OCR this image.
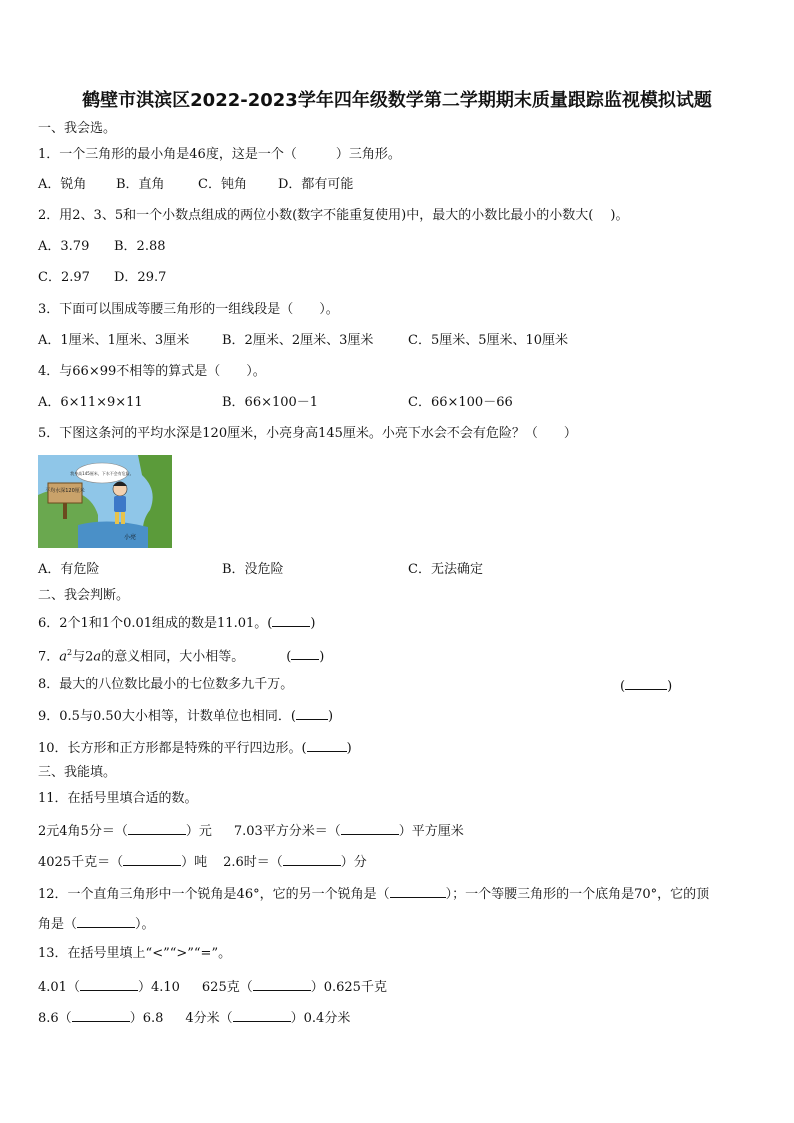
鹤壁市淇滨区2022-2023学年四年级数学第二学期期末质量跟踪监视模拟试题
一、我会选。
1．一个三角形的最小角是46度，这是一个（　　　）三角形。
A．锐角 B．直角	C．钝角 D．都有可能
2．用2、3、5和一个小数点组成的两位小数(数字不能重复使用)中，最大的小数比最小的小数大(　 )。
A．3.79 B．2.88
C．2.97 D．29.7
3．下面可以围成等腰三角形的一组线段是（　　）。
A．1厘米、1厘米、3厘米	B．2厘米、2厘米、3厘米	C．5厘米、5厘米、10厘米
4．与66×99不相等的算式是（　　）。
A．6×11×9×11	B．66×100－1	C．66×100－66
5．下图这条河的平均水深是120厘米，小亮身高145厘米。小亮下水会不会有危险？（　　）
平均水深120厘米
我身高145厘米，下水不会有危险。
小亮
A．有危险	B．没危险	C．无法确定
二、我会判断。
6．2个1和1个0.01组成的数是11.01。(	)
7．$a^2$与2a的意义相同，大小相等。	( )
8．最大的八位数比最小的七位数多九千万。	(	)
9．0.5与0.50大小相等，计数单位也相同．( )
10．长方形和正方形都是特殊的平行四边形。(	)
三、我能填。
11．在括号里填合适的数。
2元4角5分＝（	）元 7.03平方分米＝（	）平方厘米
4025千克＝（	）吨 2.6时＝（	）分
12．一个直角三角形中一个锐角是46°，它的另一个锐角是（	）；一个等腰三角形的一个底角是70°，它的顶
角是（	）。
13．在括号里填上“<”“>”“=”。
4.01（	）4.10 625克（	）0.625千克
8.6（	）6.8 4分米（	）0.4分米
